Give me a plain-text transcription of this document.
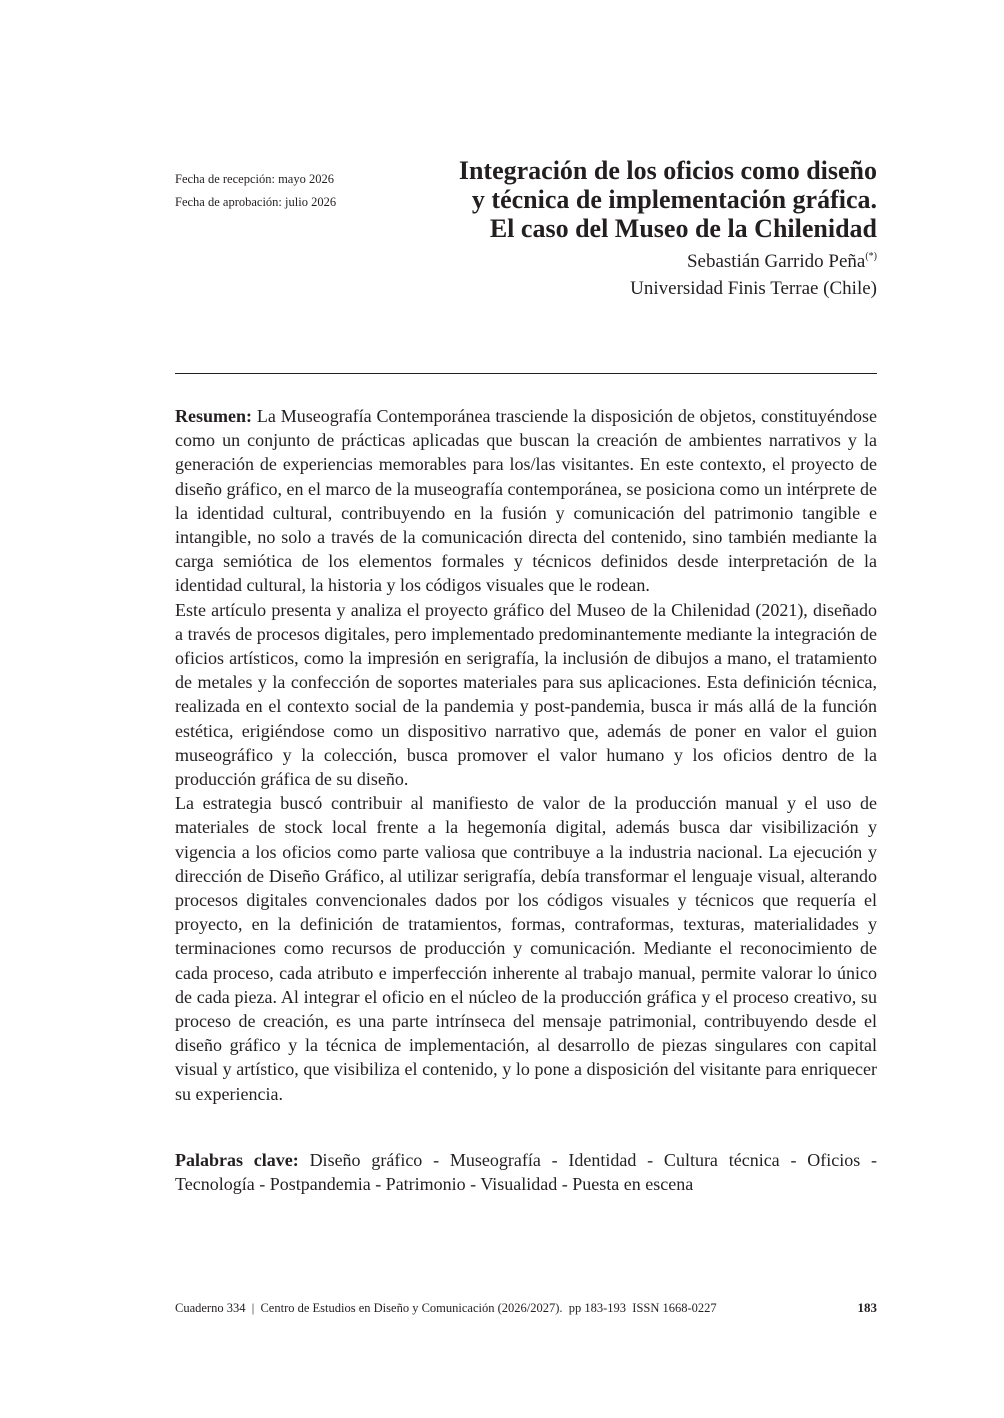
Fecha de recepción: mayo 2026
Fecha de aprobación: julio 2026
Integración de los oficios como diseño
y técnica de implementación gráfica.
El caso del Museo de la Chilenidad
Sebastián Garrido Peña(*)
Universidad Finis Terrae (Chile)

Resumen: La Museografía Contemporánea trasciende la disposición de objetos, constituyéndose como un conjunto de prácticas aplicadas que buscan la creación de ambientes narrativos y la generación de experiencias memorables para los/las visitantes. En este contexto, el proyecto de diseño gráfico, en el marco de la museografía contemporánea, se posiciona como un intérprete de la identidad cultural, contribuyendo en la fusión y comunicación del patrimonio tangible e intangible, no solo a través de la comunicación directa del contenido, sino también mediante la carga semiótica de los elementos formales y técnicos definidos desde interpretación de la identidad cultural, la historia y los códigos visuales que le rodean.

Este artículo presenta y analiza el proyecto gráfico del Museo de la Chilenidad (2021), diseñado a través de procesos digitales, pero implementado predominantemente mediante la integración de oficios artísticos, como la impresión en serigrafía, la inclusión de dibujos a mano, el tratamiento de metales y la confección de soportes materiales para sus aplicaciones. Esta definición técnica, realizada en el contexto social de la pandemia y post-pandemia, busca ir más allá de la función estética, erigiéndose como un dispositivo narrativo que, además de poner en valor el guion museográfico y la colección, busca promover el valor humano y los oficios dentro de la producción gráfica de su diseño.

La estrategia buscó contribuir al manifiesto de valor de la producción manual y el uso de materiales de stock local frente a la hegemonía digital, además busca dar visibilización y vigencia a los oficios como parte valiosa que contribuye a la industria nacional. La ejecución y dirección de Diseño Gráfico, al utilizar serigrafía, debía transformar el lenguaje visual, alterando procesos digitales convencionales dados por los códigos visuales y técnicos que requería el proyecto, en la definición de tratamientos, formas, contraformas, texturas, materialidades y terminaciones como recursos de producción y comunicación. Mediante el reconocimiento de cada proceso, cada atributo e imperfección inherente al trabajo manual, permite valorar lo único de cada pieza. Al integrar el oficio en el núcleo de la producción gráfica y el proceso creativo, su proceso de creación, es una parte intrínseca del mensaje patrimonial, contribuyendo desde el diseño gráfico y la técnica de implementación, al desarrollo de piezas singulares con capital visual y artístico, que visibiliza el contenido, y lo pone a disposición del visitante para enriquecer su experiencia.

Palabras clave: Diseño gráfico - Museografía - Identidad - Cultura técnica - Oficios - Tecnología - Postpandemia - Patrimonio - Visualidad - Puesta en escena

Cuaderno 334  |  Centro de Estudios en Diseño y Comunicación (2026/2027).  pp 183-193  ISSN 1668-0227	183
